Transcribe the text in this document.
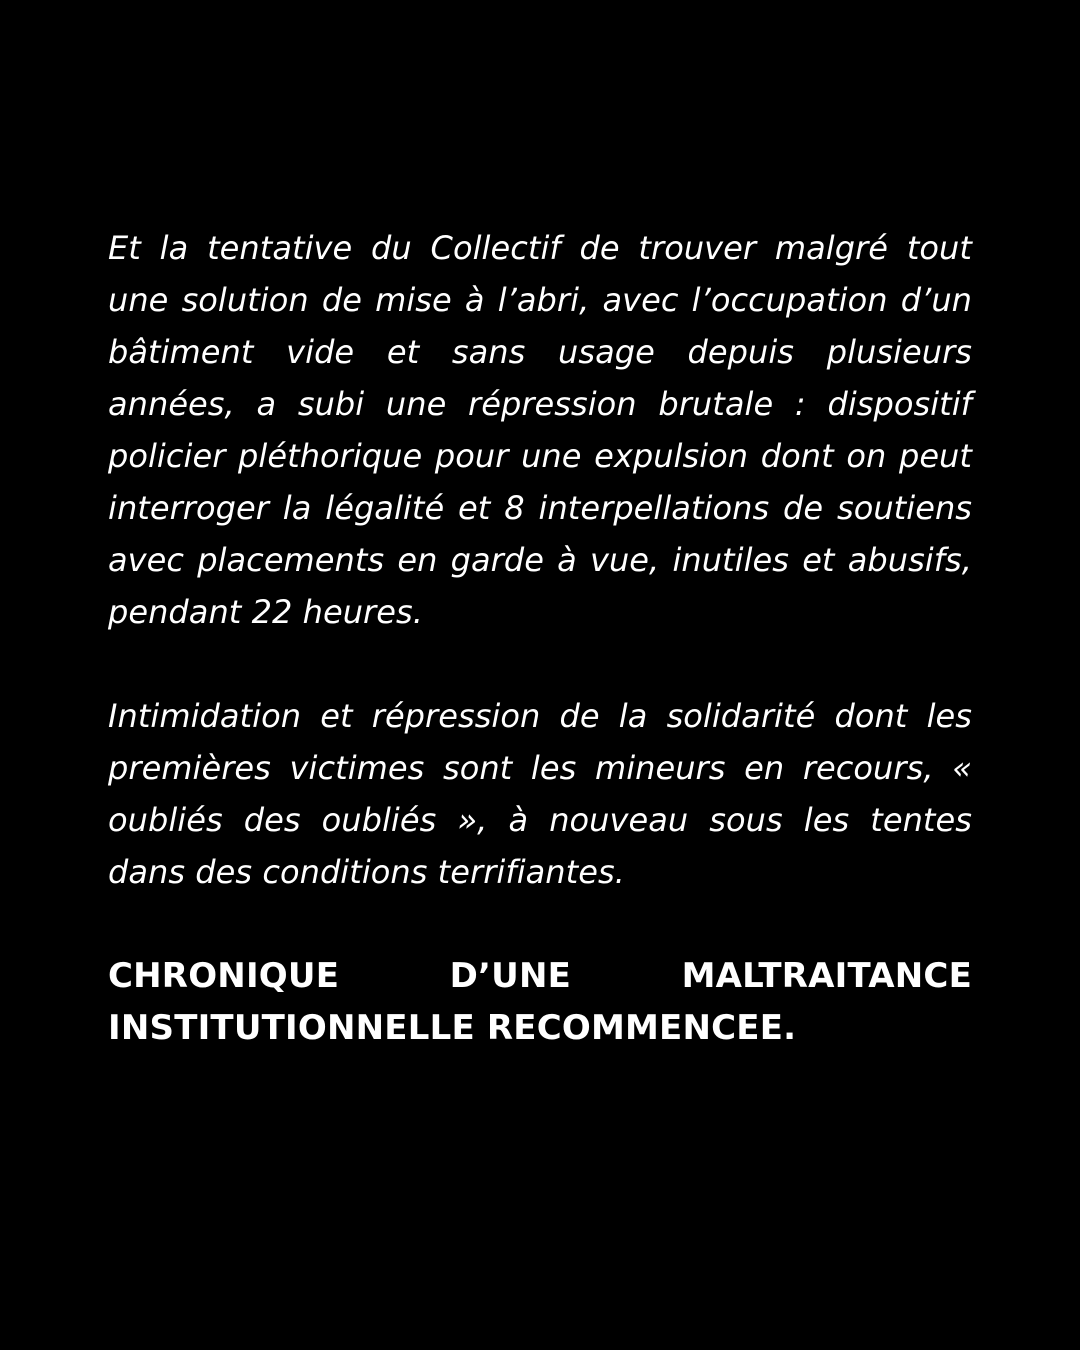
Et la tentative du Collectif de trouver malgré tout une solution de mise à l’abri, avec l’occupation d’un bâtiment vide et sans usage depuis plusieurs années, a subi une répression brutale : dispositif policier pléthorique pour une expulsion dont on peut interroger la légalité et 8 interpellations de soutiens avec placements en garde à vue, inutiles et abusifs, pendant 22 heures.

Intimidation et répression de la solidarité dont les premières victimes sont les mineurs en recours, « oubliés des oubliés », à nouveau sous les tentes dans des conditions terrifiantes.

CHRONIQUE D’UNE MALTRAITANCE INSTITUTIONNELLE RECOMMENCEE.
